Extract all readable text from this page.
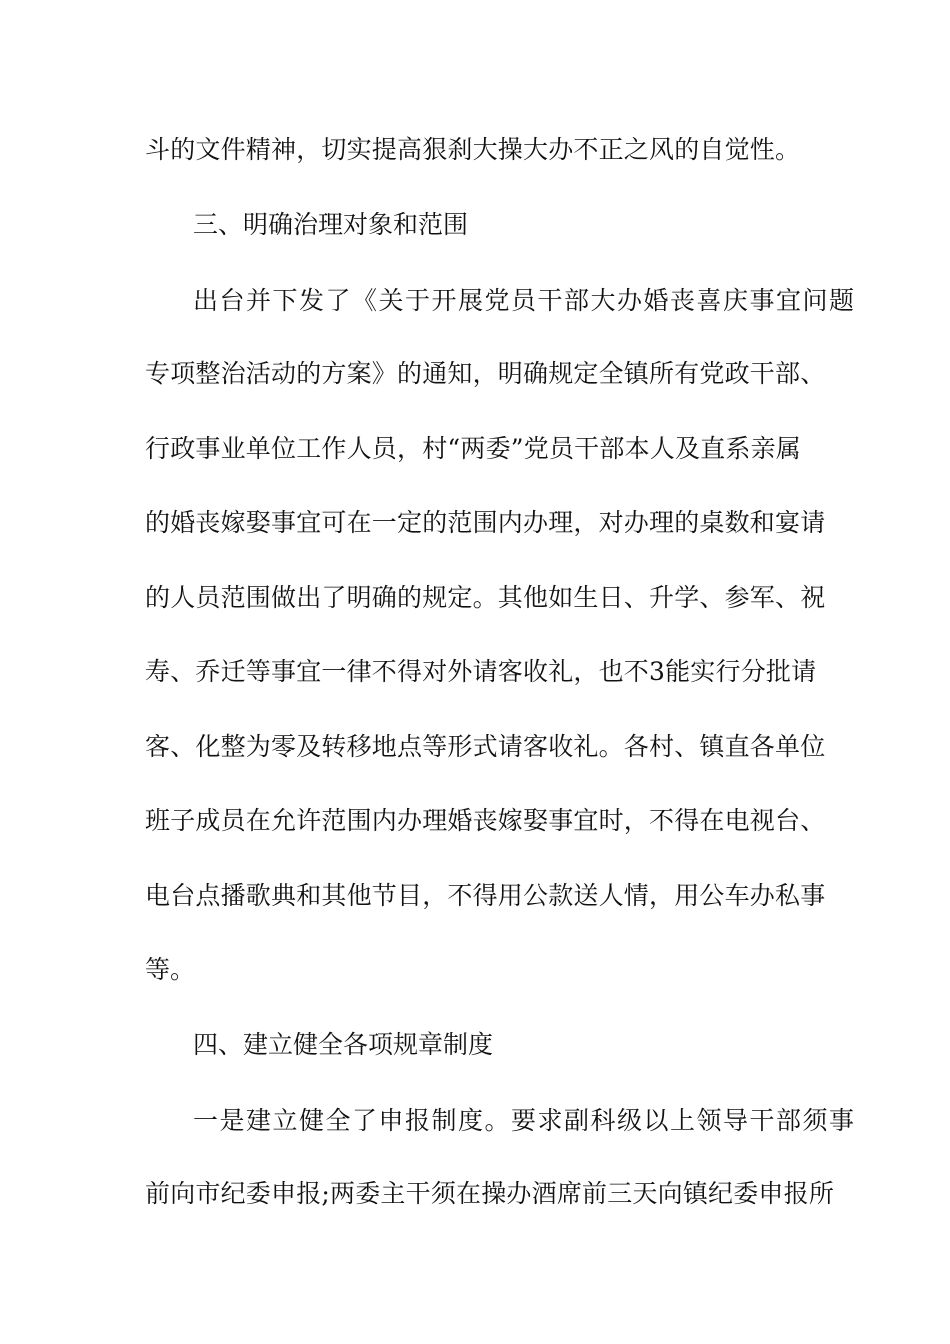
斗的文件精神，切实提高狠刹大操大办不正之风的自觉性。
三、明确治理对象和范围
出台并下发了《关于开展党员干部大办婚丧喜庆事宜问题
专项整治活动的方案》的通知，明确规定全镇所有党政干部、
行政事业单位工作人员，村“两委”党员干部本人及直系亲属
的婚丧嫁娶事宜可在一定的范围内办理，对办理的桌数和宴请
的人员范围做出了明确的规定。其他如生日、升学、参军、祝
寿、乔迁等事宜一律不得对外请客收礼，也不3能实行分批请
客、化整为零及转移地点等形式请客收礼。各村、镇直各单位
班子成员在允许范围内办理婚丧嫁娶事宜时，不得在电视台、
电台点播歌典和其他节目，不得用公款送人情，用公车办私事
等。
四、建立健全各项规章制度
一是建立健全了申报制度。要求副科级以上领导干部须事
前向市纪委申报;两委主干须在操办酒席前三天向镇纪委申报所
